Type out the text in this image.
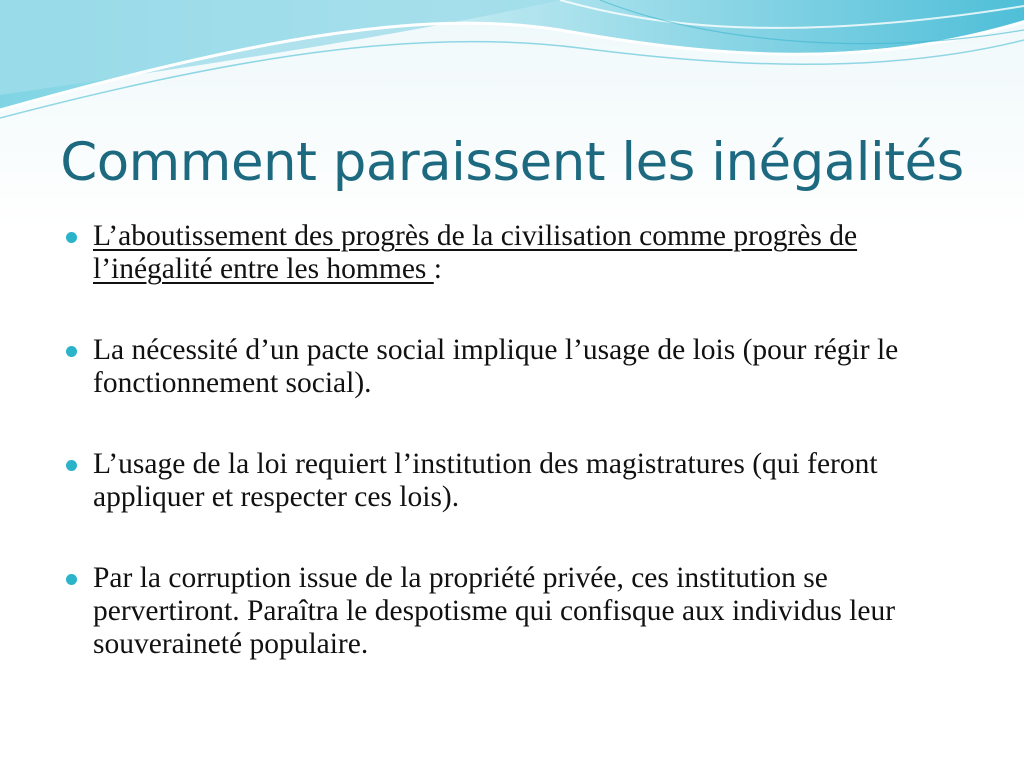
Comment paraissent les inégalités
L’aboutissement des progrès de la civilisation comme progrès de l’inégalité entre les hommes :
La nécessité d’un pacte social implique l’usage de lois (pour régir le fonctionnement social).
L’usage de la loi requiert l’institution des magistratures (qui feront appliquer et respecter ces lois).
Par la corruption issue de la propriété privée, ces institution se pervertiront. Paraîtra le despotisme qui confisque aux individus leur souveraineté populaire.
